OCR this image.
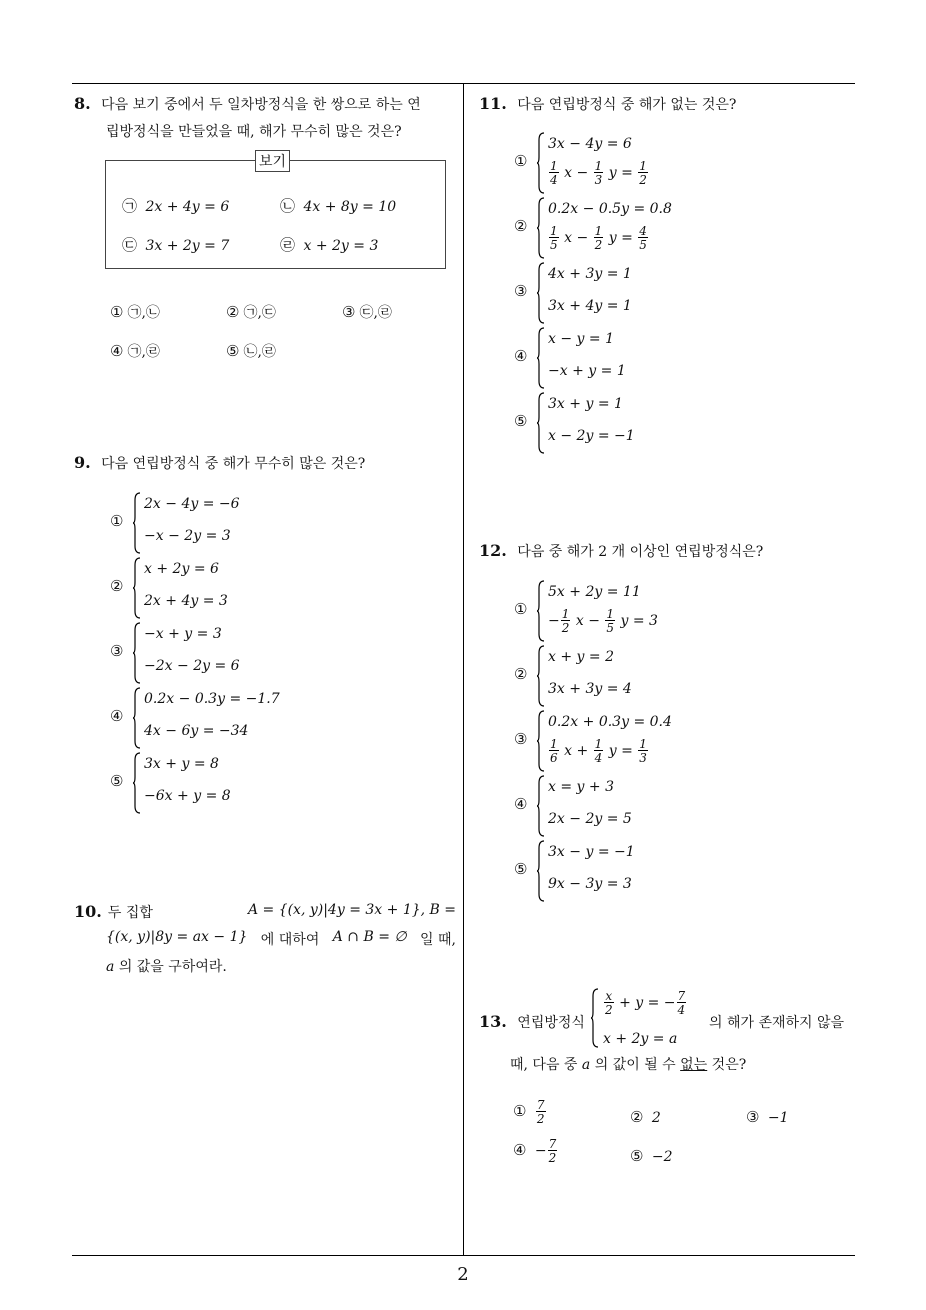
8. 다음 보기 중에서 두 일차방정식을 한 쌍으로 하는 연
립방정식을 만들었을 때, 해가 무수히 많은 것은?
보기
㉠ 2x + 4y = 6	㉡ 4x + 8y = 10
㉢ 3x + 2y = 7	㉣ x + 2y = 3
① ㉠,㉡	② ㉠,㉢	③ ㉢,㉣
④ ㉠,㉣	⑤ ㉡,㉣
9. 다음 연립방정식 중 해가 무수히 많은 것은?
①
2x − 4y = −6
−x − 2y = 3
②
x + 2y = 6
2x + 4y = 3
③
−x + y = 3
−2x − 2y = 6
④
0.2x − 0.3y = −1.7
4x − 6y = −34
⑤
3x + y = 8
−6x + y = 8
10. 두 집합	A = {(x, y)|4y = 3x + 1}, B =
{(x, y)|8y = ax − 1} 에 대하여 A ∩ B = ∅ 일 때,
a 의 값을 구하여라.
11. 다음 연립방정식 중 해가 없는 것은?
①
3x − 4y = 6
$\frac{1}{4}$ $x - \frac{1}{3}$ $y = \frac{1}{2}$
②
0.2x − 0.5y = 0.8
$\frac{1}{5}$ $x - \frac{1}{2}$ $y = \frac{4}{5}$
③
4x + 3y = 1
3x + 4y = 1
④
x − y = 1
−x + y = 1
⑤
3x + y = 1
x − 2y = −1
12. 다음 중 해가 2 개 이상인 연립방정식은?
①
5x + 2y = 11
− $\frac{1}{2}$ $x - \frac{1}{5}$ y = 3
②
x + y = 2
3x + 3y = 4
③
0.2x + 0.3y = 0.4
$\frac{1}{6}$ $x + \frac{1}{4}$ $y = \frac{1}{3}$
④
x = y + 3
2x − 2y = 5
⑤
3x − y = −1
9x − 3y = 3
13. 연립방정식
$\frac{x}{2} + y$ = − $\frac{7}{4}$
x + 2y = a
의 해가 존재하지 않을
때, 다음 중 a 의 값이 될 수 없는 것은?
① $\frac{7}{2}$	② 2	③ −1
④ − $\frac{7}{2}$	⑤ −2
2
